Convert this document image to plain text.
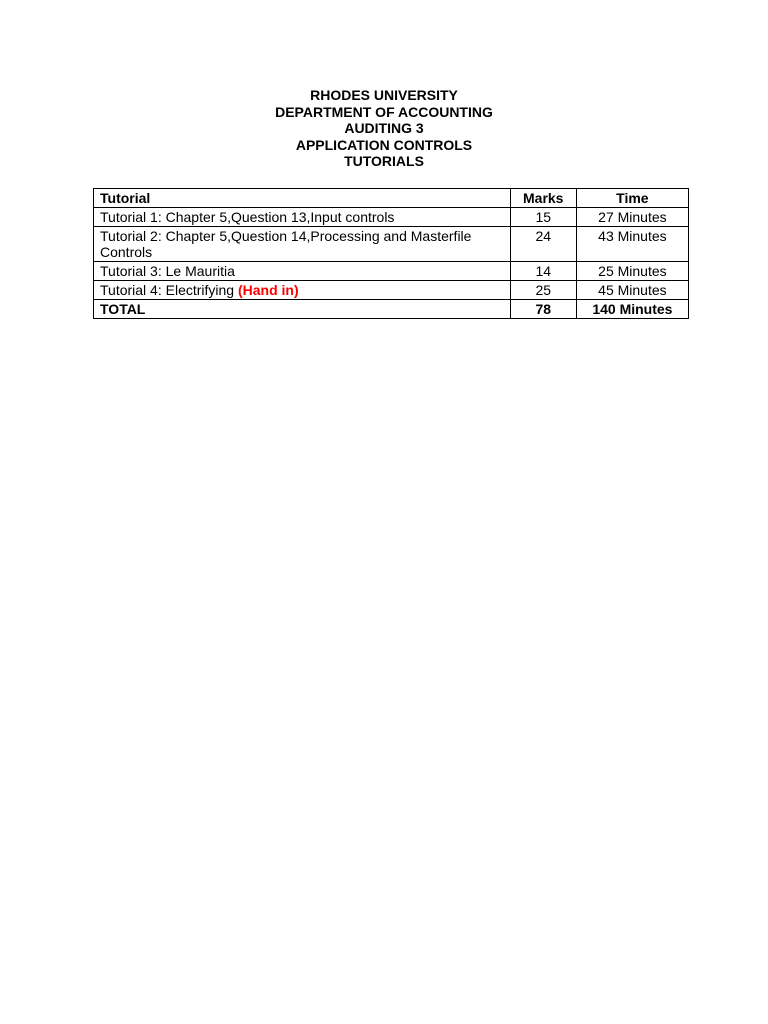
RHODES UNIVERSITY
DEPARTMENT OF ACCOUNTING
AUDITING 3
APPLICATION CONTROLS
TUTORIALS
Tutorial	Marks	Time
Tutorial 1: Chapter 5,Question 13,Input controls	15	27 Minutes
Tutorial 2: Chapter 5,Question 14,Processing and Masterfile Controls	24	43 Minutes
Tutorial 3: Le Mauritia	14	25 Minutes
Tutorial 4: Electrifying (Hand in)	25	45 Minutes
TOTAL	78	140 Minutes
